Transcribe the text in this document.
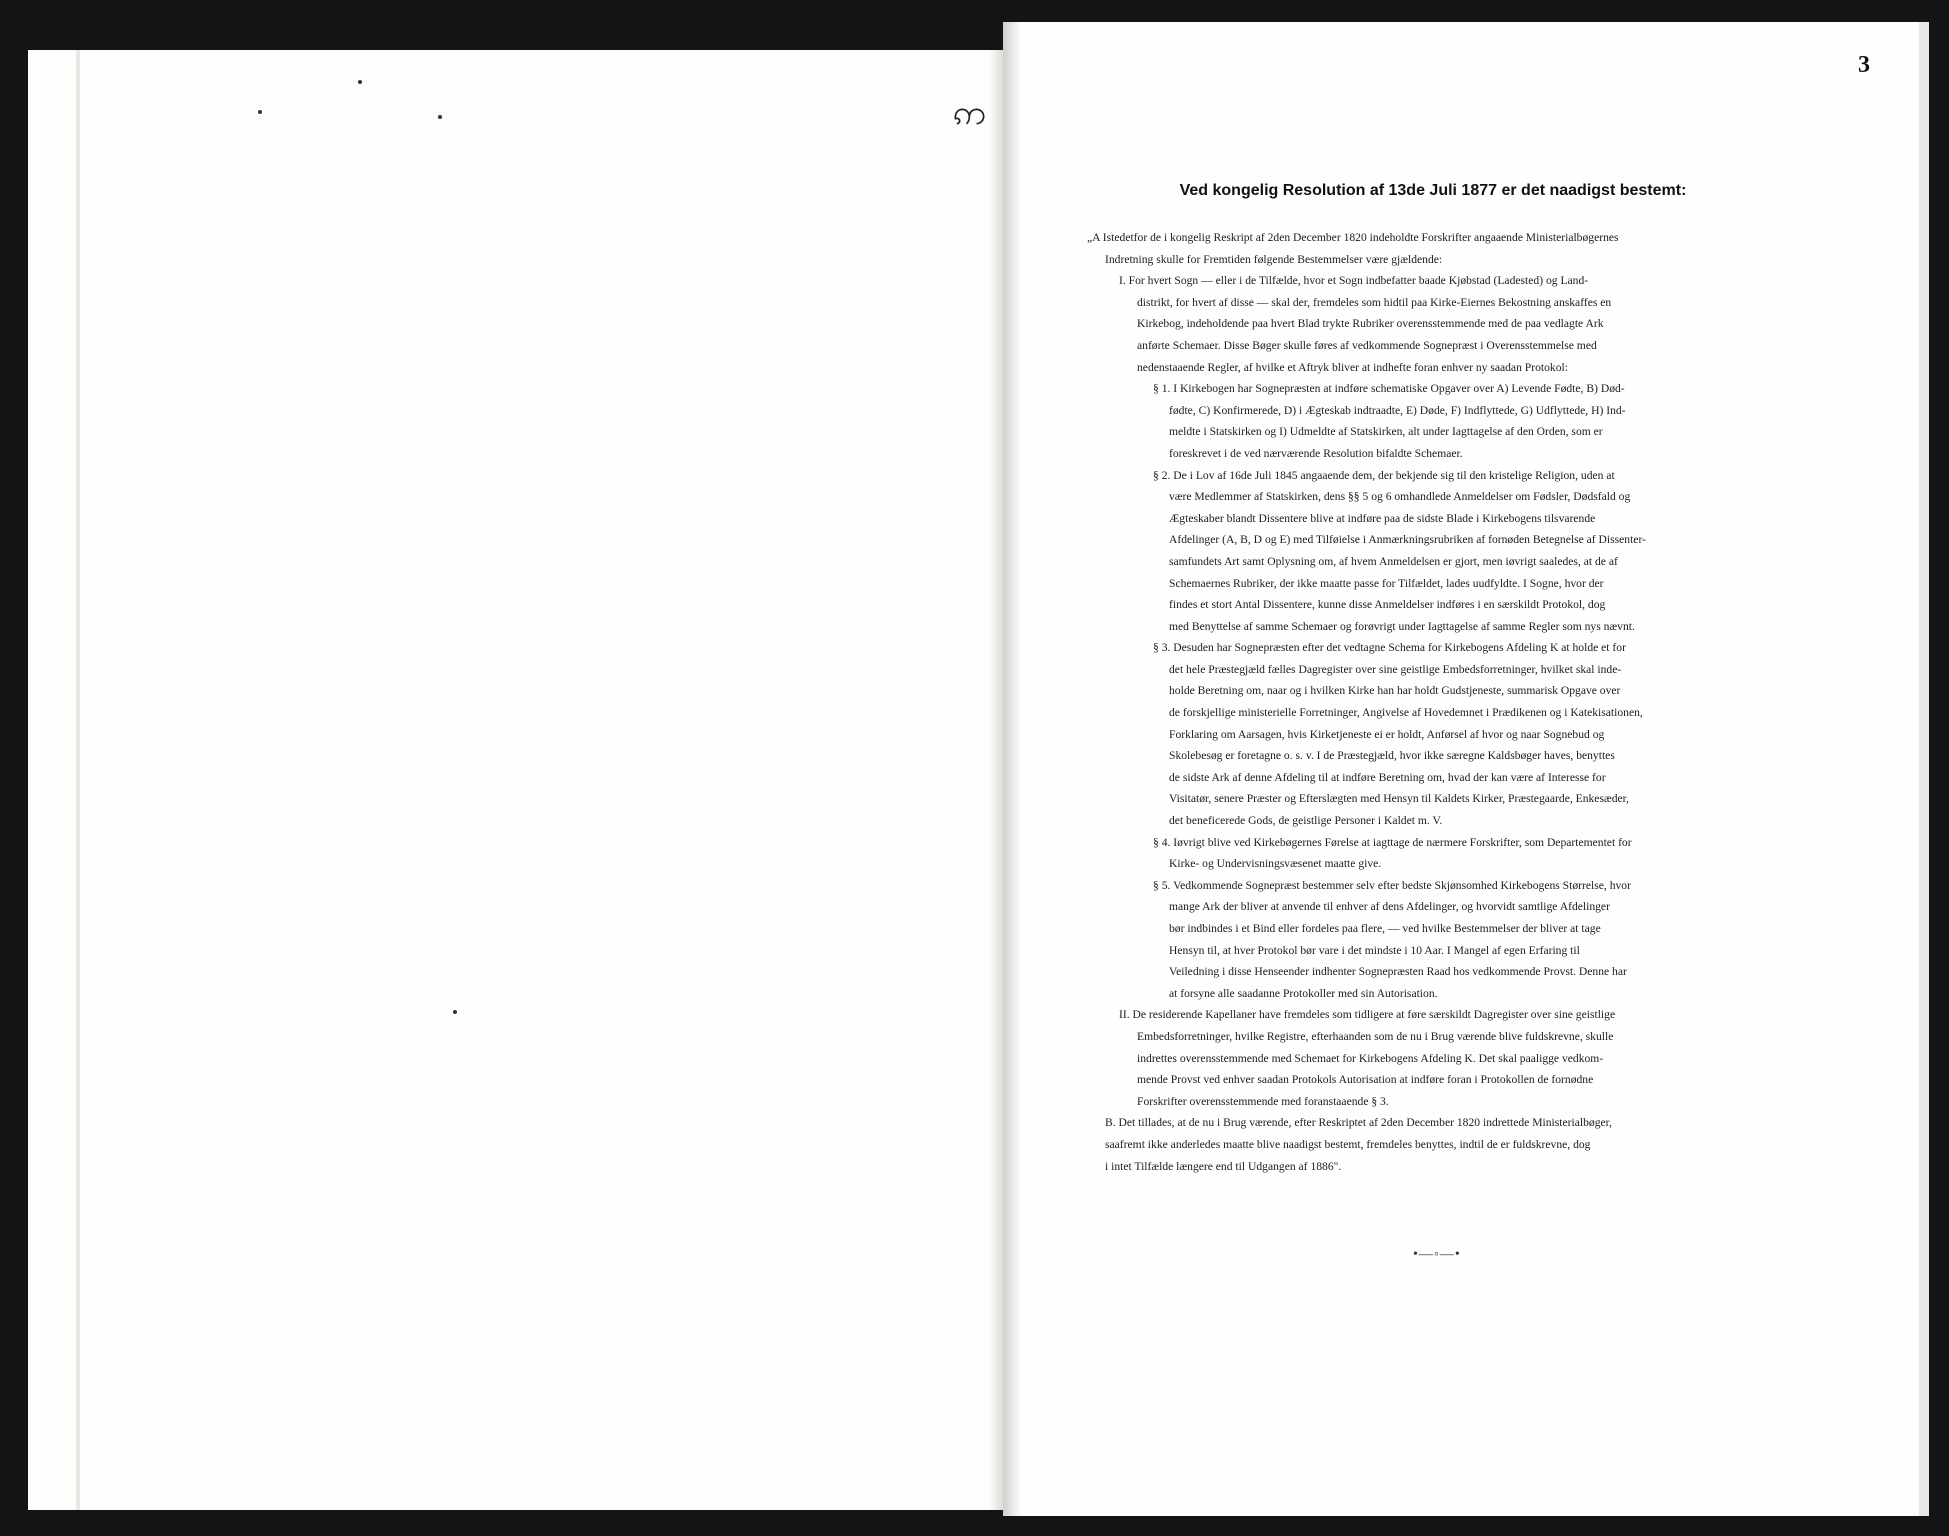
ဢ
3
Ved kongelig Resolution af 13de Juli 1877 er det naadigst bestemt:
„A Istedetfor de i kongelig Reskript af 2den December 1820 indeholdte Forskrifter angaaende Ministerialbøgernes
Indretning skulle for Fremtiden følgende Bestemmelser være gjældende:
I. For hvert Sogn — eller i de Tilfælde, hvor et Sogn indbefatter baade Kjøbstad (Ladested) og Land-
distrikt, for hvert af disse — skal der, fremdeles som hidtil paa Kirke-Eiernes Bekostning anskaffes en
Kirkebog, indeholdende paa hvert Blad trykte Rubriker overensstemmende med de paa vedlagte Ark
anførte Schemaer. Disse Bøger skulle føres af vedkommende Sognepræst i Overensstemmelse med
nedenstaaende Regler, af hvilke et Aftryk bliver at indhefte foran enhver ny saadan Protokol:
§ 1. I Kirkebogen har Sognepræsten at indføre schematiske Opgaver over A) Levende Fødte, B) Død-
fødte, C) Konfirmerede, D) i Ægteskab indtraadte, E) Døde, F) Indflyttede, G) Udflyttede, H) Ind-
meldte i Statskirken og I) Udmeldte af Statskirken, alt under Iagttagelse af den Orden, som er
foreskrevet i de ved nærværende Resolution bifaldte Schemaer.
§ 2. De i Lov af 16de Juli 1845 angaaende dem, der bekjende sig til den kristelige Religion, uden at
være Medlemmer af Statskirken, dens §§ 5 og 6 omhandlede Anmeldelser om Fødsler, Dødsfald og
Ægteskaber blandt Dissentere blive at indføre paa de sidste Blade i Kirkebogens tilsvarende
Afdelinger (A, B, D og E) med Tilføielse i Anmærkningsrubriken af fornøden Betegnelse af Dissenter-
samfundets Art samt Oplysning om, af hvem Anmeldelsen er gjort, men iøvrigt saaledes, at de af
Schemaernes Rubriker, der ikke maatte passe for Tilfældet, lades uudfyldte. I Sogne, hvor der
findes et stort Antal Dissentere, kunne disse Anmeldelser indføres i en særskildt Protokol, dog
med Benyttelse af samme Schemaer og forøvrigt under Iagttagelse af samme Regler som nys nævnt.
§ 3. Desuden har Sognepræsten efter det vedtagne Schema for Kirkebogens Afdeling K at holde et for
det hele Præstegjæld fælles Dagregister over sine geistlige Embedsforretninger, hvilket skal inde-
holde Beretning om, naar og i hvilken Kirke han har holdt Gudstjeneste, summarisk Opgave over
de forskjellige ministerielle Forretninger, Angivelse af Hovedemnet i Prædikenen og i Katekisationen,
Forklaring om Aarsagen, hvis Kirketjeneste ei er holdt, Anførsel af hvor og naar Sognebud og
Skolebesøg er foretagne o. s. v. I de Præstegjæld, hvor ikke særegne Kaldsbøger haves, benyttes
de sidste Ark af denne Afdeling til at indføre Beretning om, hvad der kan være af Interesse for
Visitatør, senere Præster og Efterslægten med Hensyn til Kaldets Kirker, Præstegaarde, Enkesæder,
det beneficerede Gods, de geistlige Personer i Kaldet m. V.
§ 4. Iøvrigt blive ved Kirkebøgernes Førelse at iagttage de nærmere Forskrifter, som Departementet for
Kirke- og Undervisningsvæsenet maatte give.
§ 5. Vedkommende Sognepræst bestemmer selv efter bedste Skjønsomhed Kirkebogens Størrelse, hvor
mange Ark der bliver at anvende til enhver af dens Afdelinger, og hvorvidt samtlige Afdelinger
bør indbindes i et Bind eller fordeles paa flere, — ved hvilke Bestemmelser der bliver at tage
Hensyn til, at hver Protokol bør vare i det mindste i 10 Aar. I Mangel af egen Erfaring til
Veiledning i disse Henseender indhenter Sognepræsten Raad hos vedkommende Provst. Denne har
at forsyne alle saadanne Protokoller med sin Autorisation.
II. De residerende Kapellaner have fremdeles som tidligere at føre særskildt Dagregister over sine geistlige
Embedsforretninger, hvilke Registre, efterhaanden som de nu i Brug værende blive fuldskrevne, skulle
indrettes overensstemmende med Schemaet for Kirkebogens Afdeling K. Det skal paaligge vedkom-
mende Provst ved enhver saadan Protokols Autorisation at indføre foran i Protokollen de fornødne
Forskrifter overensstemmende med foranstaaende § 3.
B. Det tillades, at de nu i Brug værende, efter Reskriptet af 2den December 1820 indrettede Ministerialbøger,
saafremt ikke anderledes maatte blive naadigst bestemt, fremdeles benyttes, indtil de er fuldskrevne, dog
i intet Tilfælde længere end til Udgangen af 1886".
•—◦—•
